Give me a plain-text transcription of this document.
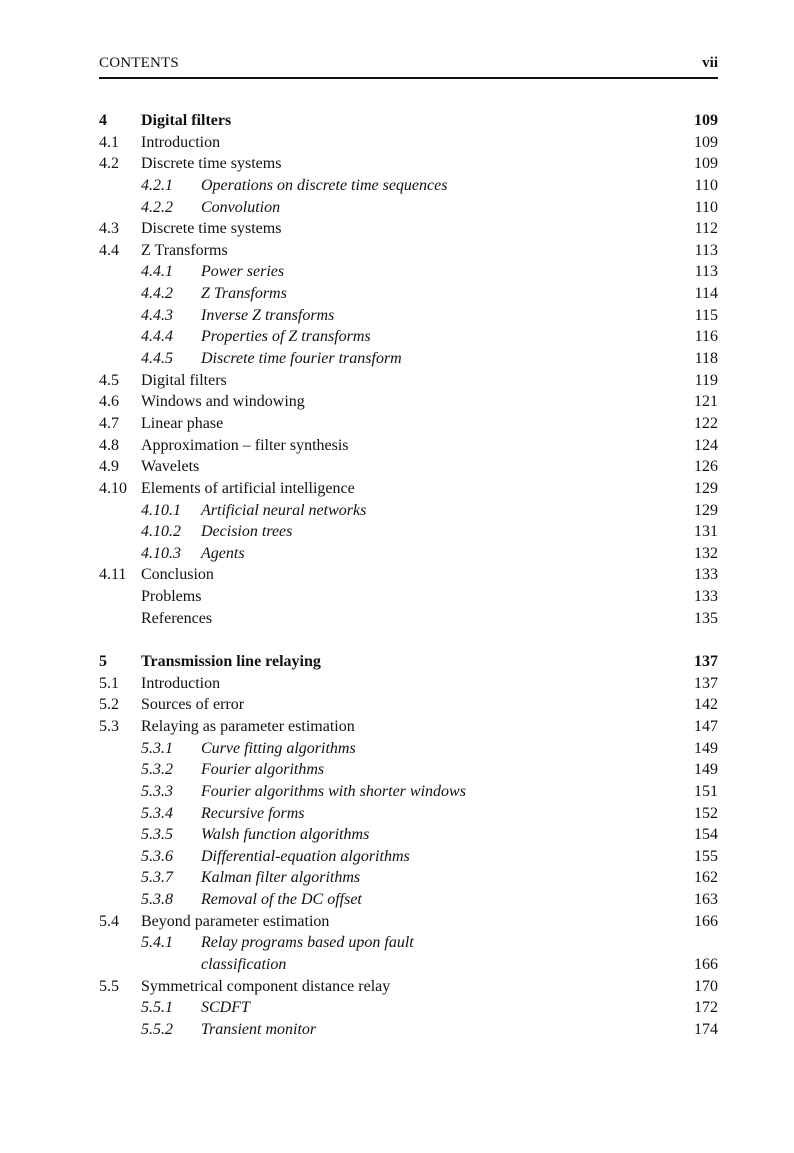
CONTENTS	vii
4 Digital filters	109
4.1 Introduction	109
4.2 Discrete time systems	109
4.2.1 Operations on discrete time sequences	110
4.2.2 Convolution	110
4.3 Discrete time systems	112
4.4 Z Transforms	113
4.4.1 Power series	113
4.4.2 Z Transforms	114
4.4.3 Inverse Z transforms	115
4.4.4 Properties of Z transforms	116
4.4.5 Discrete time fourier transform	118
4.5 Digital filters	119
4.6 Windows and windowing	121
4.7 Linear phase	122
4.8 Approximation – filter synthesis	124
4.9 Wavelets	126
4.10 Elements of artificial intelligence	129
4.10.1 Artificial neural networks	129
4.10.2 Decision trees	131
4.10.3 Agents	132
4.11 Conclusion	133
Problems	133
References	135
5 Transmission line relaying	137
5.1 Introduction	137
5.2 Sources of error	142
5.3 Relaying as parameter estimation	147
5.3.1 Curve fitting algorithms	149
5.3.2 Fourier algorithms	149
5.3.3 Fourier algorithms with shorter windows	151
5.3.4 Recursive forms	152
5.3.5 Walsh function algorithms	154
5.3.6 Differential-equation algorithms	155
5.3.7 Kalman filter algorithms	162
5.3.8 Removal of the DC offset	163
5.4 Beyond parameter estimation	166
5.4.1 Relay programs based upon fault
classification	166
5.5 Symmetrical component distance relay	170
5.5.1 SCDFT	172
5.5.2 Transient monitor	174
